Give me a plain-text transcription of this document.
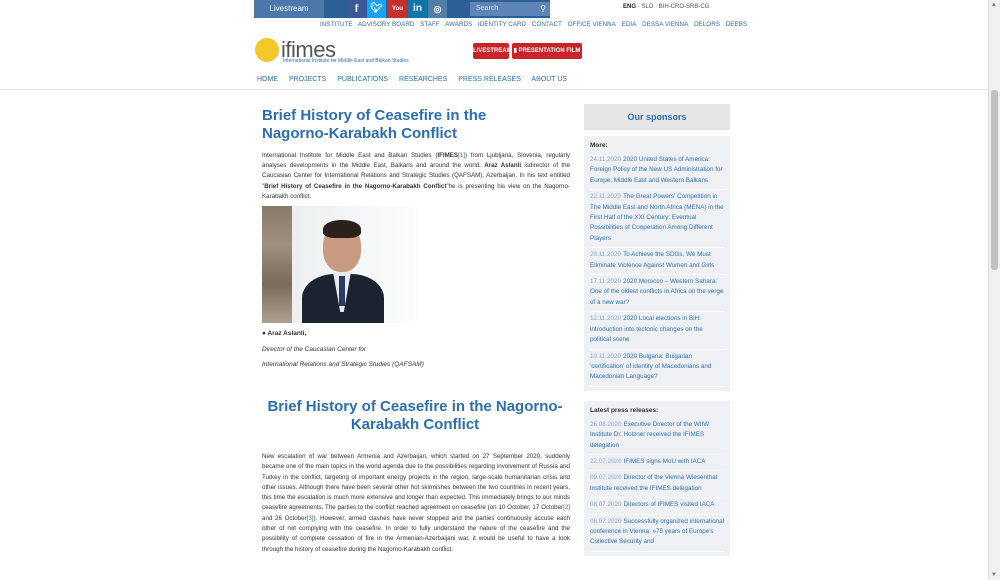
Livestream	f	🐦︎	You	in	◎	Search	⚲	ENG · SLO · BIH-CRO-SRB-CG
INSTITUTE ADVISORY BOARD STAFF AWARDS IDENTITY CARD CONTACT OFFICE VIENNA EDIA DESSA VIENNA DELORS DEEBS
ifimes
International Institute for Middle East and Balkan Studies
LIVESTREAM ▮ PRESENTATION FILM
HOME PROJECTS PUBLICATIONS RESEARCHES PRESS RELEASES ABOUT US
Brief History of Ceasefire in the Nagorno-Karabakh Conflict
International Institute for Middle East and Balkan Studies (IFIMES[1]) from Ljubljana, Slovenia, regularly analyses developments in the Middle East, Balkans and around the world. Araz Aslanli isdirector of the Caucasian Center for International Relations and Strategic Studies (QAFSAM), Azerbaijan. In his text entitled "Brief History of Ceasefire in the Nagorno-Karabakh Conflict"he is presenting his view on the Nagorno-Karabakh conflict.
● Araz Aslanli,
Director of the Caucasian Center for
International Relations and Strategic Studies (QAFSAM)
Brief History of Ceasefire in the Nagorno-Karabakh Conflict
New escalation of war between Armenia and Azerbaijan, which started on 27 September 2020, suddenly became one of the main topics in the world agenda due to the possibilities regarding involvement of Russia and Turkey in the conflict, targeting of important energy projects in the region, large-scale humanitarian crisis and other issues. Although there have been several other hot skirmishes between the two countries in recent years, this time the escalation is much more extensive and longer than expected. This immediately brings to our minds ceasefire agreements. The parties to the conflict reached agreement on ceasefire (on 10 October, 17 October[2] and 26 October[3]). However, armed clashes have never stopped and the parties continuously accuse each other of not complying with the ceasefire. In order to fully understand the nature of the ceasefire and the possibility of complete cessation of fire in the Armenian-Azerbaijani war, it would be useful to have a look through the history of ceasefire during the Nagorno-Karabakh conflict.
Our sponsors
More:
24.11.2020 2020 United States of America: Foreign Policy of the New US Administration for Europe, Middle East and Western Balkans
22.11.2020 The Great Powers' Competition in The Middle East and North Africa (MENA) in the First Half of the XXI Century: Eventual Possibilities of Cooperation Among Different Players
20.11.2020 To Achieve the SDGs, We Must Eliminate Violence Against Women and Girls
17.11.2020 2020 Morocco – Western Sahara: One of the oldest conflicts in Africa on the verge of a new war?
12.11.2020 2020 Local elections in BiH: introduction into tectonic changes on the political scene
10.11.2020 2020 Bulgaria: Bulgarian 'certification' of identity of Macedonians and Macedonian Language?
Latest press releases:
26.08.2020 Executive Director of the WIIW Institute Dr. Holzner received the IFIMES delegation
22.07.2020 IFIMES signs MoU with IACA
09.07.2020 Director of the Vienna Wiesenthal Institute received the IFIMES delegation
08.07.2020 Directors of IFIMES visited IACA
08.07.2020 Successfully organized international conference in Vienna: »75 years of Europe's Collective Security and
▲
▼
